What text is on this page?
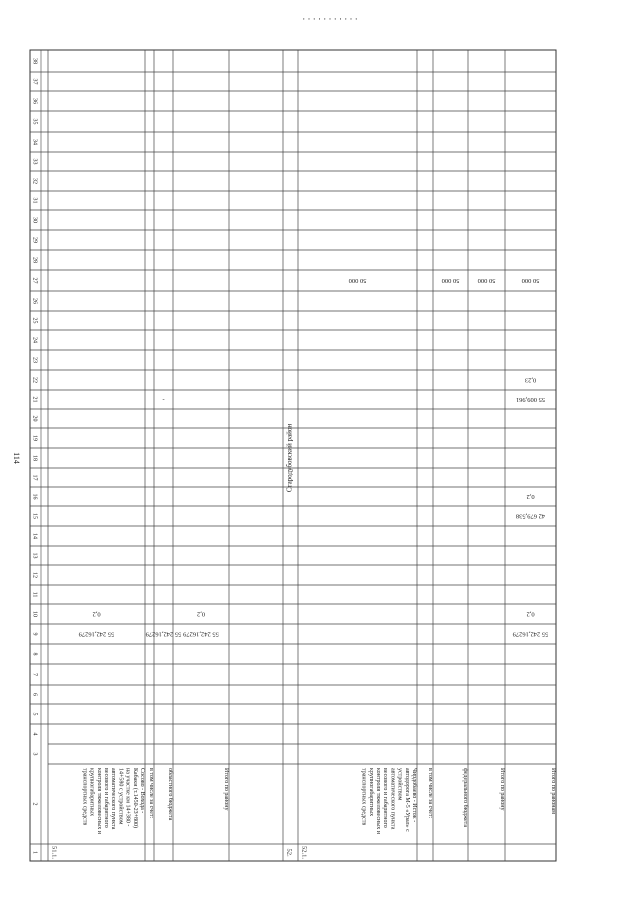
· · · · · · · · · · ·
114
1
2
3
4
5
6
7
8
9
10
11
12
13
14
15
16
17
18
19
20
21
22
23
24
25
26
27
28
29
30
31
32
33
34
35
36
37
38
Стародубовский район
51.1.
Сосово - Вохода -Кабаки (т.1450-23+800)на участке км 14+380 -14+580 с устройствомавтоматического пунктавесового и габаритногоконтроля тяжеловесных икрупногабаритныхтранспортных средств
55 242,16279
0,2
в том числе за счет: областного бюджета
55 242,16279
-
Итого по району
55 242,16279
0,2
52. 52.1.
Чирдобаево - Исток -автодорога М-5 «Урал» сустройствомавтоматического пунктавесового и габаритногоконтроля тяжеловесных икрупногабаритныхтранспортных средств
50 000
в том числе за счет:	федерального бюджета
50 000
Итого по району
50 000
Итого по районам
55 242,16279
0,2
42 679,538
0,2
55 009,961
0,23
50 000
